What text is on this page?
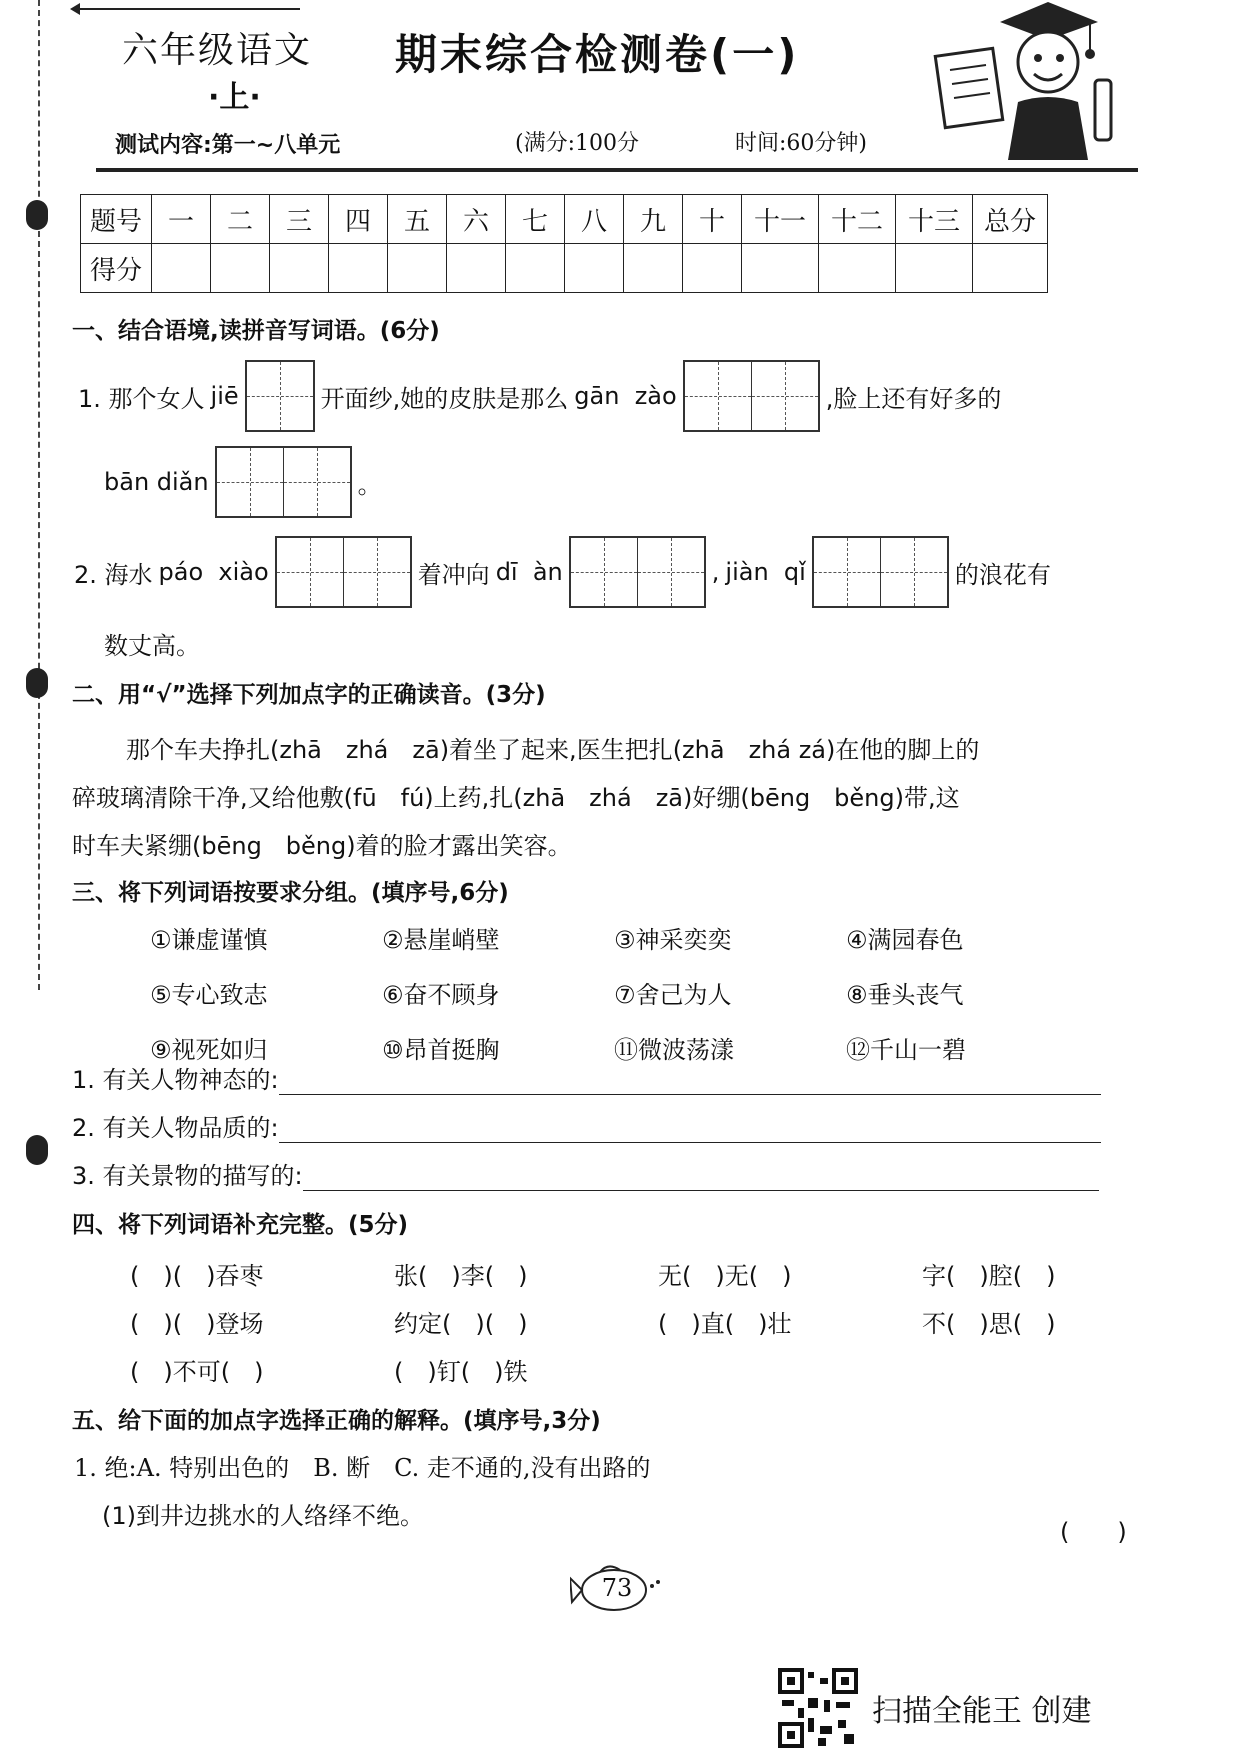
六年级语文
·上·
期末综合检测卷(一)
测试内容:第一~八单元	(满分:100分	时间:60分钟)
题号	一	二	三	四	五	六	七	八	九	十	十一	十二	十三	总分
得分														
一、结合语境,读拼音写词语。(6分)
1. 那个女人 jiē	开面纱,她的皮肤是那么 gān  zào	,脸上还有好多的
bān diǎn	。
2. 海水 páo  xiào	着冲向 dī  àn	, jiàn  qǐ	的浪花有
数丈高。
二、用“√”选择下列加点字的正确读音。(3分)
那个车夫挣扎(zhā　zhá　zā)着坐了起来,医生把扎(zhā　zhá zá)在他的脚上的
碎玻璃清除干净,又给他敷(fū　fú)上药,扎(zhā　zhá　zā)好绷(bēng　běng)带,这
时车夫紧绷(bēng　běng)着的脸才露出笑容。
三、将下列词语按要求分组。(填序号,6分)
①谦虚谨慎	②悬崖峭壁	③神采奕奕	④满园春色
⑤专心致志	⑥奋不顾身	⑦舍己为人	⑧垂头丧气
⑨视死如归	⑩昂首挺胸	⑪微波荡漾	⑫千山一碧
1. 有关人物神态的:
2. 有关人物品质的:
3. 有关景物的描写的:
四、将下列词语补充完整。(5分)
(　)(　)吞枣	张(　)李(　)	无(　)无(　)	字(　)腔(　)
(　)(　)登场	约定(　)(　)	(　)直(　)壮	不(　)思(　)
(　)不可(　)	(　)钉(　)铁
五、给下面的加点字选择正确的解释。(填序号,3分)
1. 绝:A. 特别出色的　B. 断　C. 走不通的,没有出路的
(1)到井边挑水的人络绎不绝。
(　　)
73
扫描全能王 创建
